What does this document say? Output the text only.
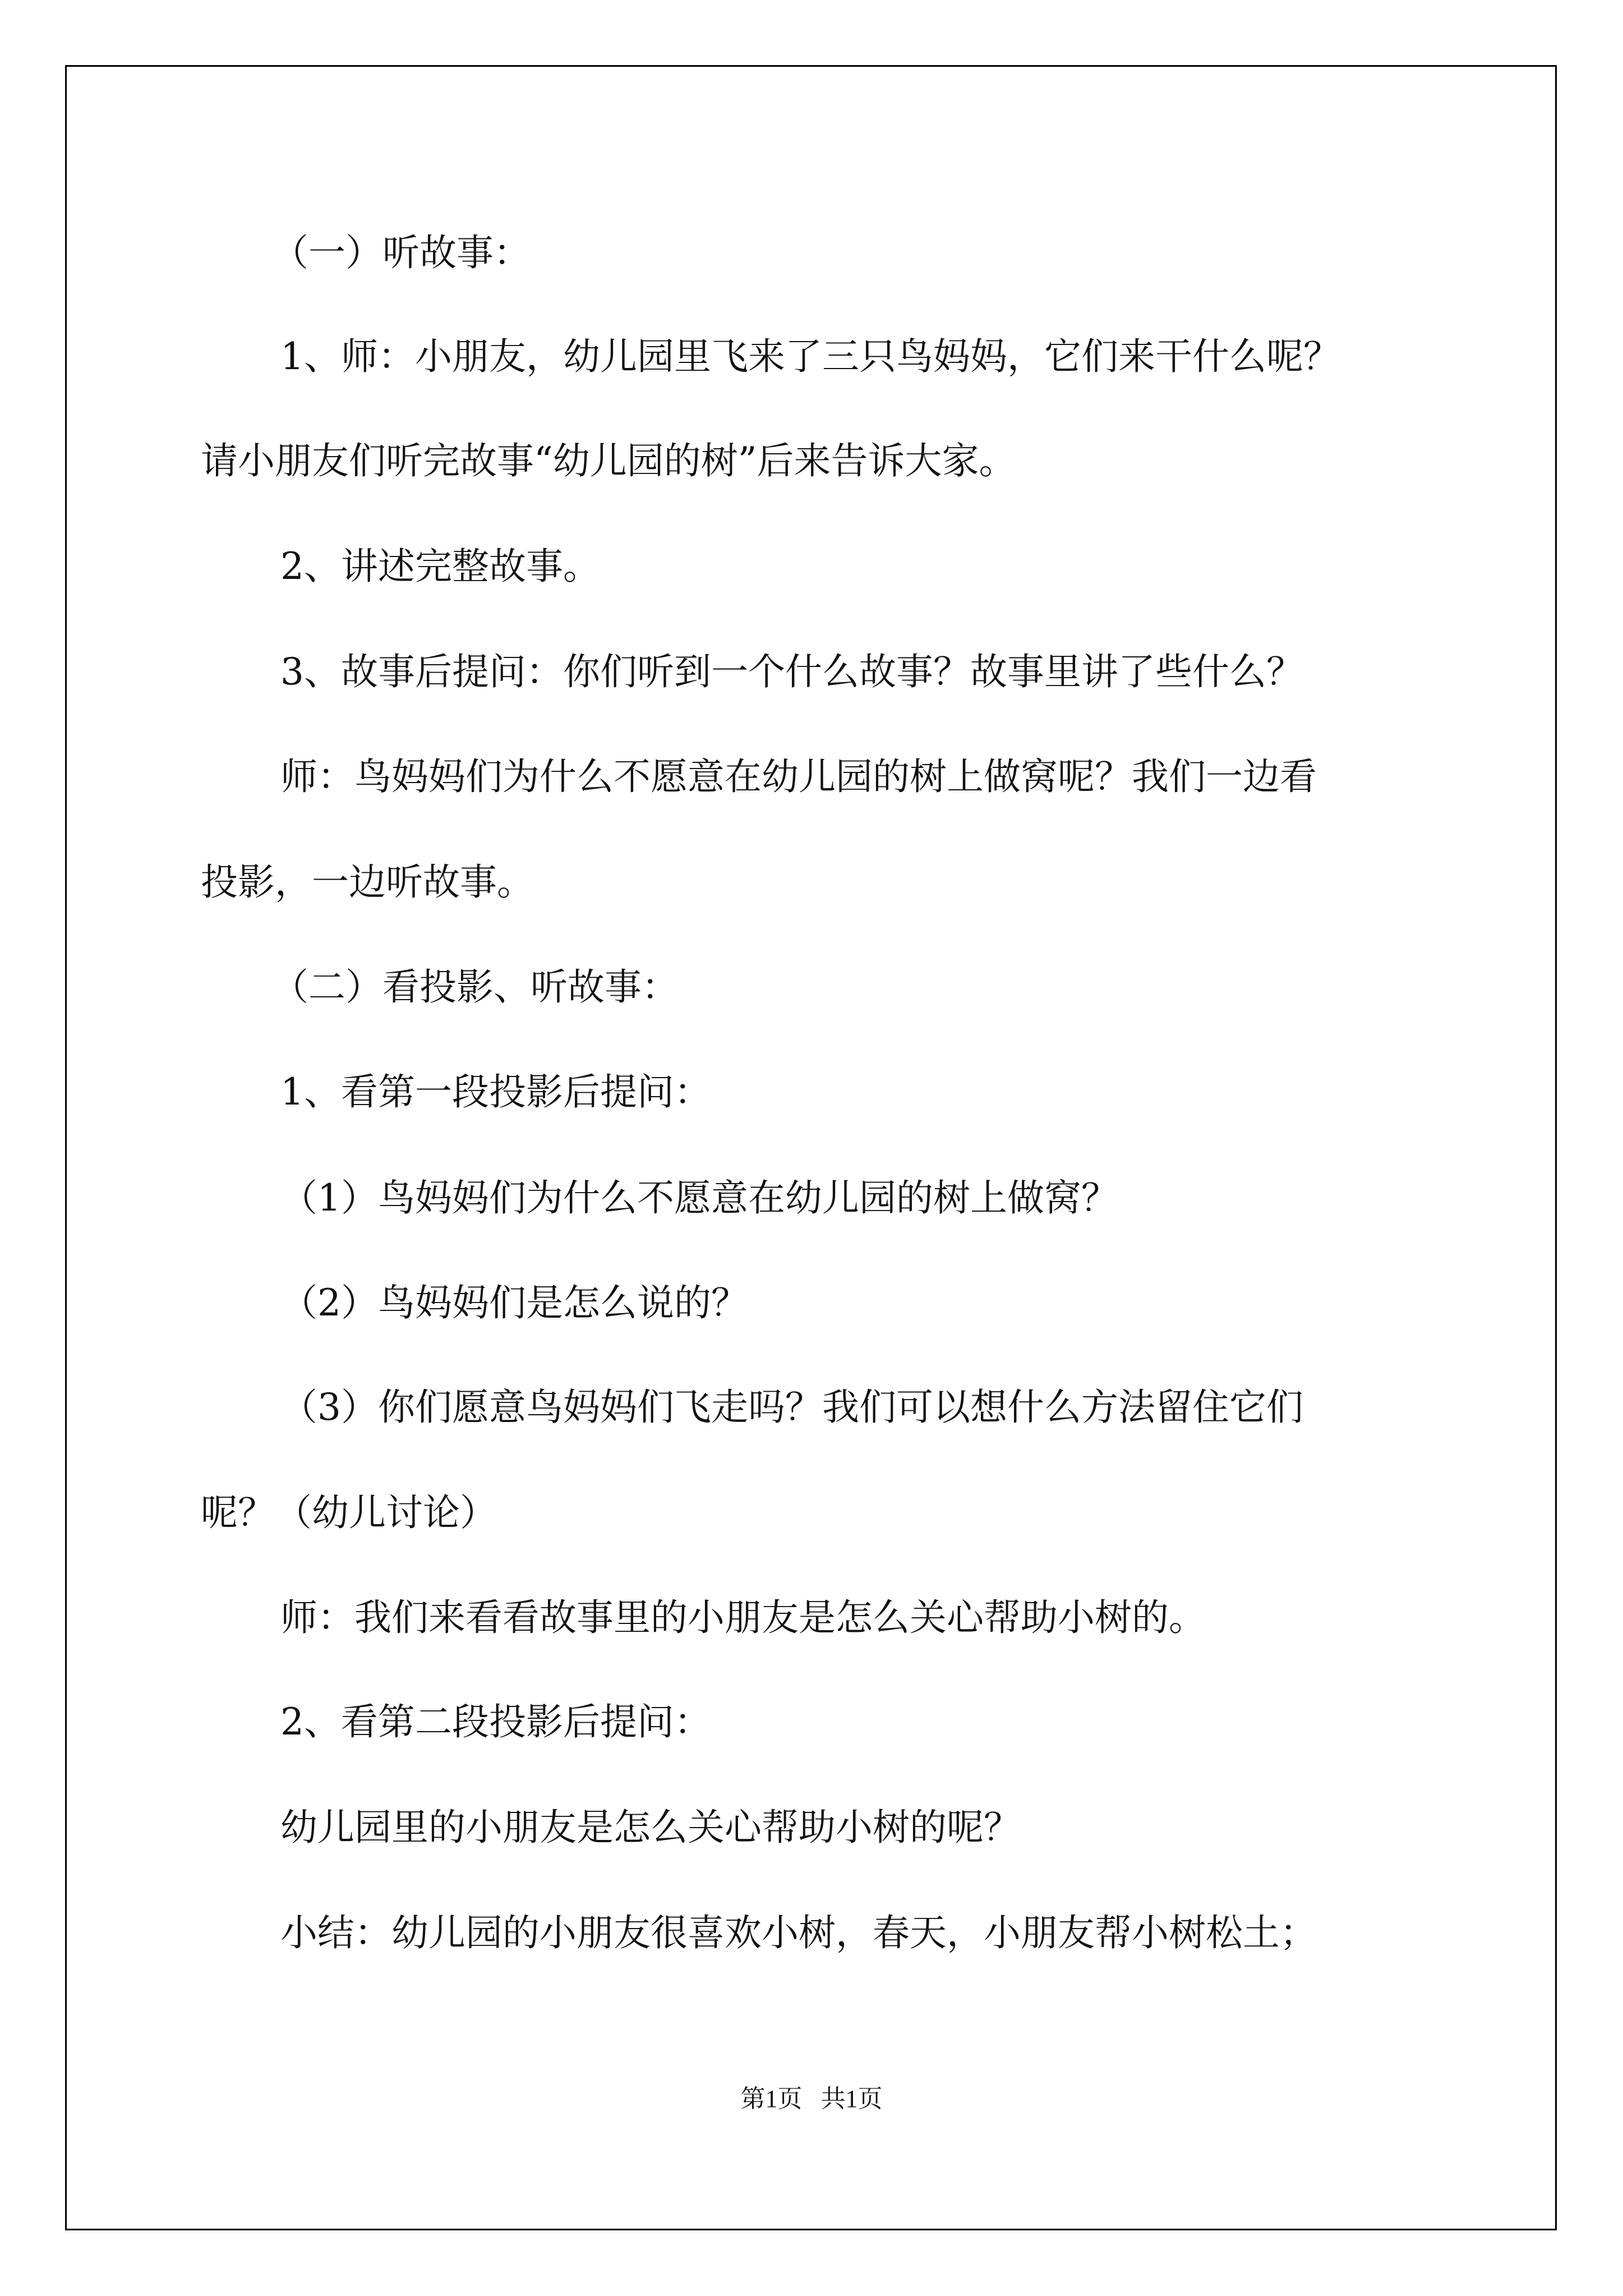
（一）听故事：

1、师：小朋友，幼儿园里飞来了三只鸟妈妈，它们来干什么呢？

请小朋友们听完故事“幼儿园的树”后来告诉大家。

2、讲述完整故事。

3、故事后提问：你们听到一个什么故事？故事里讲了些什么？

师：鸟妈妈们为什么不愿意在幼儿园的树上做窝呢？我们一边看

投影，一边听故事。

（二）看投影、听故事：

1、看第一段投影后提问：

（1）鸟妈妈们为什么不愿意在幼儿园的树上做窝？

（2）鸟妈妈们是怎么说的？

（3）你们愿意鸟妈妈们飞走吗？我们可以想什么方法留住它们

呢？（幼儿讨论）

师：我们来看看故事里的小朋友是怎么关心帮助小树的。

2、看第二段投影后提问：

幼儿园里的小朋友是怎么关心帮助小树的呢？

小结：幼儿园的小朋友很喜欢小树，春天，小朋友帮小树松土；

第1页   共1页
